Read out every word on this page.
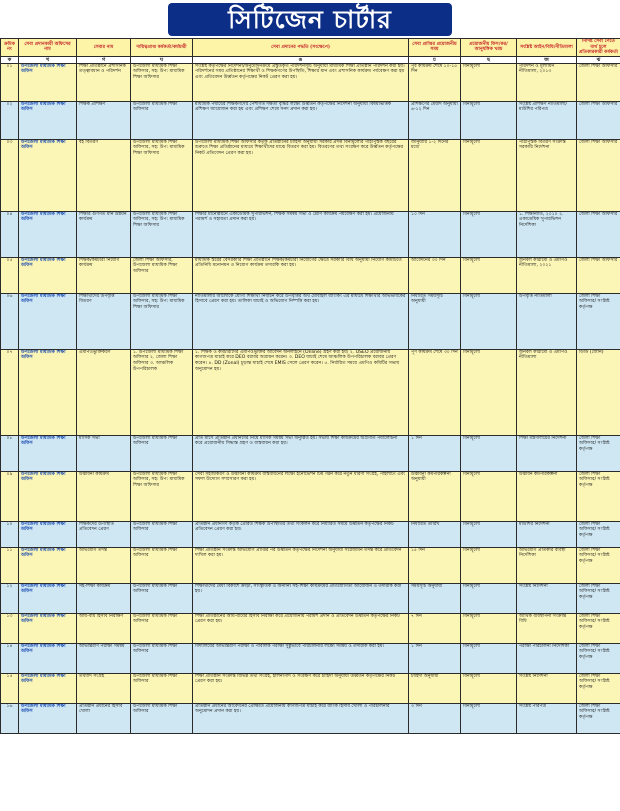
সিটিজেন চার্টার
ক্রমিক নং	সেবা প্রদানকারী অফিসের নাম	সেবার নাম	দায়িত্বপ্রাপ্ত কর্মকর্তা/কর্মচারী	সেবা প্রদানের পদ্ধতি (সংক্ষেপে)	সেবা প্রাপ্তির প্রয়োজনীয় সময়	প্রয়োজনীয় ফিস/কর/আনুষঙ্গিক খরচ	সংশ্লিষ্ট আইন/বিধি/নীতিমালা	নির্দিষ্ট সেবা পেতে ব্যর্থ হলে প্রতিকারকারী কর্মকর্তা
ক	খ	গ	ঘ	ঙ	চ	ছ	জ	ঝ
০১	উপজেলা মাধ্যমিক শিক্ষা অফিস	শিক্ষা প্রতিষ্ঠানে প্রশাসনিক তত্ত্বাবধান ও পরিদর্শন	উপজেলা মাধ্যমিক শিক্ষা অফিসার, সহ: উপ: মাধ্যমিক শিক্ষা অফিসার	সংশ্লিষ্ট কর্তৃপক্ষের নির্দেশনা/অনুমোদনক্রমে প্রস্তুতকৃত পরিদর্শনসূচি অনুযায়ী মাধ্যমিক শিক্ষা প্রতিষ্ঠান পরিদর্শন করা হয়। পরিদর্শনের সময় প্রতিষ্ঠানের শিক্ষার্থী ও শিক্ষকগণের উপস্থিতি, শিক্ষার মান এবং প্রশাসনিক কার্যক্রম পর্যবেক্ষণ করা হয় এবং প্রতিবেদন উর্ধ্বতন কর্তৃপক্ষের নিকট প্রেরণ করা হয়।	পূর্ব কার্যক্রম শেষে ১০-১৫ দিন	বিনামূল্যে	পরিদর্শন ও মূল্যায়ন নীতিমালা, ২০১৩	জেলা শিক্ষা অফিসার
০২	উপজেলা মাধ্যমিক শিক্ষা অফিস	শিক্ষক প্রশিক্ষণ	উপজেলা মাধ্যমিক শিক্ষা অফিসার	মাধ্যমিক পর্যায়ের শিক্ষকগণের পেশাগত দক্ষতা বৃদ্ধির লক্ষ্যে উর্ধ্বতন কর্তৃপক্ষের নির্দেশনা অনুযায়ী বিষয়ভিত্তিক প্রশিক্ষণ আয়োজন করা হয় এবং প্রশিক্ষণ শেষে সনদ প্রদান করা হয়।	প্রশিক্ষণের মেয়াদ অনুযায়ী ৬-১২ দিন	বিনামূল্যে	সংশ্লিষ্ট প্রশিক্ষণ নীতিমালা/মাউশির পরিপত্র	জেলা শিক্ষা অফিসার
০৩	উপজেলা মাধ্যমিক শিক্ষা অফিস	বই বিতরণ	উপজেলা মাধ্যমিক শিক্ষা অফিসার, সহ: উপ: মাধ্যমিক শিক্ষা অফিসার	উপজেলা মাধ্যমিক শিক্ষা অফিসার কর্তৃক প্রতিষ্ঠানের চাহিদা অনুযায়ী সরকার প্রদত্ত বিনামূল্যের পাঠ্যপুস্তক বছরের শুরুতে শিক্ষা প্রতিষ্ঠানের মাধ্যমে শিক্ষার্থীদের মাঝে বিতরণ করা হয়। বিতরণের তথ্য সংরক্ষণ করে উর্ধ্বতন কর্তৃপক্ষের নিকট প্রতিবেদন প্রেরণ করা হয়।	জানুয়ারি ১-২ দিনের মধ্যে	বিনামূল্যে	পাঠ্যপুস্তক বিতরণ সংক্রান্ত সরকারি নির্দেশনা	জেলা শিক্ষা অফিসার
০৪	উপজেলা মাধ্যমিক শিক্ষা অফিস	শিক্ষার গুণগত মান উন্নয়ন কার্যক্রম	উপজেলা মাধ্যমিক শিক্ষা অফিসার, সহ: উপ: মাধ্যমিক শিক্ষা অফিসার	শিক্ষার মানোন্নয়নে একাডেমিক সুপারভিশন, শিক্ষক সমন্বয় সভা ও শ্রেণি কার্যক্রম পর্যবেক্ষণ করা হয়। প্রয়োজনীয় পরামর্শ ও সহায়তা প্রদান করা হয়।	১০ দিন	বিনামূল্যে	১. শিক্ষানীতি, ২০১০ ২. একাডেমিক সুপারভিশন নির্দেশিকা	জেলা শিক্ষা অফিসার
০৫	উপজেলা মাধ্যমিক শিক্ষা অফিস	শিক্ষক/কর্মচারী নিয়োগ কার্যক্রম	জেলা শিক্ষা অফিসার, উপজেলা মাধ্যমিক শিক্ষা অফিসার	মাধ্যমিক স্তরের বেসরকারি শিক্ষা প্রতিষ্ঠানে শিক্ষক/কর্মচারী নিয়োগের ক্ষেত্রে সরকারি বিধি অনুযায়ী নিয়োগ কমিটিতে প্রতিনিধি মনোনয়ন ও নিয়োগ কার্যক্রম তদারকি করা হয়।	আবেদনের ৩০ দিন	বিনামূল্যে	জনবল কাঠামো ও এমপিও নীতিমালা, ২০২১	জেলা শিক্ষা অফিসার
০৬	উপজেলা মাধ্যমিক শিক্ষা অফিস	শিক্ষার্থীদের উপবৃত্তি বিতরণ	উপজেলা মাধ্যমিক শিক্ষা অফিসার, সহ: উপ: মাধ্যমিক শিক্ষা অফিসার	নীতিমালার আলোকে যোগ্য শিক্ষার্থী নির্বাচন করে উপবৃত্তির অর্থ মোবাইল ব্যাংকিং এর মাধ্যমে শিক্ষার্থীর অভিভাবকের হিসাবে প্রেরণ করা হয়। তালিকা যাচাই ও অভিযোগ নিষ্পত্তি করা হয়।	নির্ধারিত সময়সূচি অনুযায়ী	বিনামূল্যে	উপবৃত্তি নীতিমালা	জেলা শিক্ষা অফিসার/ সংশ্লিষ্ট কর্তৃপক্ষ
০৭	উপজেলা মাধ্যমিক শিক্ষা অফিস	এমপিওভুক্তিকরণ	১. উপজেলা মাধ্যমিক শিক্ষা অফিসার ২. জেলা শিক্ষা অফিসার ৩. আঞ্চলিক উপপরিচালক	১. শিক্ষক ও কর্মচারীদের এমপিওভুক্তির আবেদন অনলাইনে (Online) গ্রহণ করা হয়। ২. USEO প্রয়োজনীয় কাগজপত্র যাচাই করে DEO বরাবর অগ্রায়ন করেন। ৩. DEO যাচাই শেষে আঞ্চলিক উপপরিচালক বরাবর প্রেরণ করেন। ৪. DD (Zonal) চূড়ান্ত যাচাই শেষে EMIS সেলে প্রেরণ করেন। ৫. নির্ধারিত সময়ে এমপিও কমিটির সভায় অনুমোদন হয়।	পূর্ণ কার্যক্রম শেষে ৩০ দিন	বিনামূল্যে	জনবল কাঠামো ও এমপিও নীতিমালা	ডিডি (জোন)
০৮	উপজেলা মাধ্যমিক শিক্ষা অফিস	মাসিক সভা	উপজেলা মাধ্যমিক শিক্ষা অফিসার	প্রতি মাসে প্রতিষ্ঠান প্রধানদের নিয়ে মাসিক সমন্বয় সভা অনুষ্ঠিত হয়। সভায় শিক্ষা কার্যক্রমের অগ্রগতি পর্যালোচনা করে প্রয়োজনীয় সিদ্ধান্ত গ্রহণ ও বাস্তবায়ন করা হয়।	১ দিন	বিনামূল্যে	শিক্ষা মন্ত্রণালয়ের নির্দেশনা	জেলা শিক্ষা অফিসার/ সংশ্লিষ্ট কর্তৃপক্ষ
০৯	উপজেলা মাধ্যমিক শিক্ষা অফিস	উদ্ভাবনী কার্যক্রম	উপজেলা মাধ্যমিক শিক্ষা অফিসার, সহ: উপ: মাধ্যমিক শিক্ষা অফিসার	সেবা সহজীকরণ ও উদ্ভাবনী কার্যক্রম বাস্তবায়নের লক্ষ্যে ইনোভেশন টিম গঠন করে নতুন ধারণা সংগ্রহ, পাইলটিং এবং সফল উদ্যোগ সম্প্রসারণ করা হয়।	উদ্ভাবনী কর্মপরিকল্পনা অনুযায়ী	বিনামূল্যে	উদ্ভাবন কর্মপরিকল্পনা	জেলা শিক্ষা অফিসার/ সংশ্লিষ্ট কর্তৃপক্ষ
১০	উপজেলা মাধ্যমিক শিক্ষা অফিস	শিক্ষকদের উপস্থিতি প্রতিবেদন প্রেরণ	উপজেলা মাধ্যমিক শিক্ষা অফিসার	প্রতিষ্ঠান প্রধানগণ কর্তৃক প্রেরিত শিক্ষক উপস্থিতির তথ্য সংকলন করে নির্ধারিত সময়ে উর্ধ্বতন কর্তৃপক্ষের নিকট প্রতিবেদন প্রেরণ করা হয়।	নির্ধারিত তারিখ	বিনামূল্যে	মাউশির নির্দেশনা	জেলা শিক্ষা অফিসার/ সংশ্লিষ্ট কর্তৃপক্ষ
১১	উপজেলা মাধ্যমিক শিক্ষা অফিস	অভিযোগ তদন্ত	উপজেলা মাধ্যমিক শিক্ষা অফিসার	শিক্ষা প্রতিষ্ঠান সংক্রান্ত অভিযোগ প্রাপ্তির পর উর্ধ্বতন কর্তৃপক্ষের নির্দেশনা অনুযায়ী সরেজমিন তদন্ত করে প্রতিবেদন দাখিল করা হয়।	১৫ দিন	বিনামূল্যে	অভিযোগ প্রতিকার ব্যবস্থা নির্দেশিকা	জেলা শিক্ষা অফিসার/ সংশ্লিষ্ট কর্তৃপক্ষ
১২	উপজেলা মাধ্যমিক শিক্ষা অফিস	সহ-শিক্ষা কার্যক্রম	উপজেলা মাধ্যমিক শিক্ষা অফিসার	শিক্ষার্থীদের মেধা বিকাশে ক্রীড়া, সাংস্কৃতিক ও অন্যান্য সহ-শিক্ষা কার্যক্রমের প্রতিযোগিতা আয়োজন ও তদারকি করা হয়।	সময়সূচি অনুযায়ী	বিনামূল্যে	সংশ্লিষ্ট নির্দেশনা	জেলা শিক্ষা অফিসার/ সংশ্লিষ্ট কর্তৃপক্ষ
১৩	উপজেলা মাধ্যমিক শিক্ষা অফিস	আয়-ব্যয় হিসাব নিরীক্ষণ	উপজেলা মাধ্যমিক শিক্ষা অফিসার	শিক্ষা প্রতিষ্ঠানের আয়-ব্যয়ের হিসাব নিরীক্ষা করে প্রয়োজনীয় পরামর্শ প্রদান ও প্রতিবেদন উর্ধ্বতন কর্তৃপক্ষের নিকট প্রেরণ করা হয়।	৭ দিন	বিনামূল্যে	আর্থিক ব্যবস্থাপনা সংক্রান্ত বিধি	জেলা শিক্ষা অফিসার/ সংশ্লিষ্ট কর্তৃপক্ষ
১৪	উপজেলা মাধ্যমিক শিক্ষা অফিস	আভ্যন্তরীণ পরীক্ষা সমন্বয়	উপজেলা মাধ্যমিক শিক্ষা অফিসার	বিদ্যালয়ের আভ্যন্তরীণ পরীক্ষা ও পাবলিক পরীক্ষা সুষ্ঠুভাবে পরিচালনার লক্ষ্যে সমন্বয় ও তদারকি করা হয়।	১ দিন	বিনামূল্যে	পরীক্ষা পরিচালনা নির্দেশিকা	জেলা শিক্ষা অফিসার/ সংশ্লিষ্ট কর্তৃপক্ষ
১৫	উপজেলা মাধ্যমিক শিক্ষা অফিস	তথ্যাদি সংগ্রহ	উপজেলা মাধ্যমিক শিক্ষা অফিসার	শিক্ষা প্রতিষ্ঠান সংক্রান্ত বিভিন্ন তথ্য সংগ্রহ, হালনাগাদ ও সংরক্ষণ করে চাহিদা অনুযায়ী উর্ধ্বতন কর্তৃপক্ষের নিকট প্রেরণ করা হয়।	চাহিদা অনুযায়ী	বিনামূল্যে	সংশ্লিষ্ট নির্দেশনা	জেলা শিক্ষা অফিসার/ সংশ্লিষ্ট কর্তৃপক্ষ
১৬	উপজেলা মাধ্যমিক শিক্ষা অফিস	প্রতিষ্ঠান প্রধানের হিসাব খোলা	উপজেলা মাধ্যমিক শিক্ষা অফিসার	প্রতিষ্ঠান প্রধানের আবেদনের প্রেক্ষিতে প্রয়োজনীয় কাগজপত্র যাচাই করে ব্যাংক হিসাব খোলা ও পরিচালনার অনুমোদন প্রদান করা হয়।	৩ দিন	বিনামূল্যে	সংশ্লিষ্ট পরিপত্র	জেলা শিক্ষা অফিসার/ সংশ্লিষ্ট কর্তৃপক্ষ
